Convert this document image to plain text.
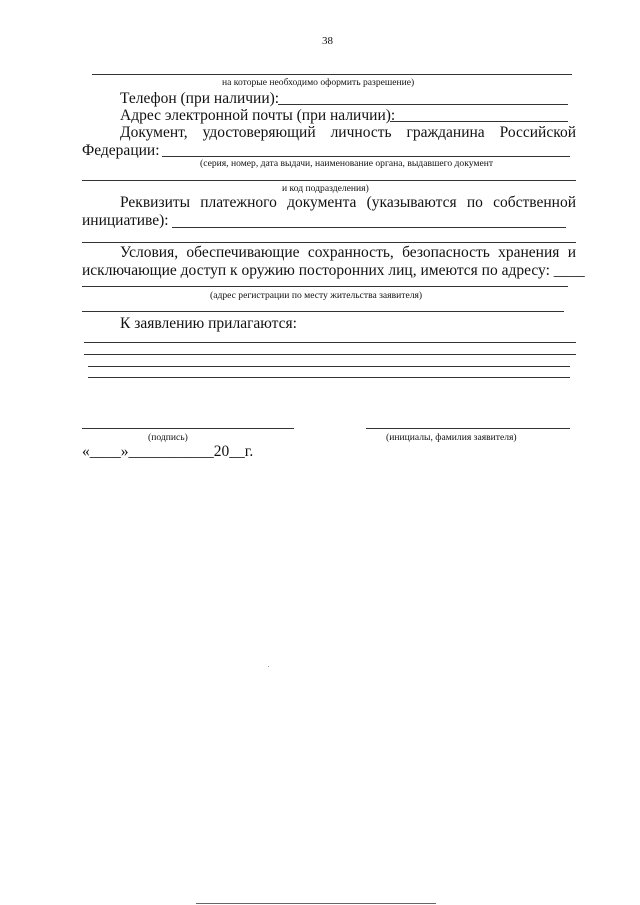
38
на которые необходимо оформить разрешение)
Телефон (при наличии):
Адрес электронной почты (при наличии):
Документ, удостоверяющий личность гражданина Российской
Федерации:
(серия, номер, дата выдачи, наименование органа, выдавшего документ
и код подразделения)
Реквизиты платежного документа (указываются по собственной
инициативе):
Условия, обеспечивающие сохранность, безопасность хранения и
исключающие доступ к оружию посторонних лиц, имеются по адресу: ____
(адрес регистрации по месту жительства заявителя)
К заявлению прилагаются:
(подпись)	(инициалы, фамилия заявителя)
«____»___________20__г.
